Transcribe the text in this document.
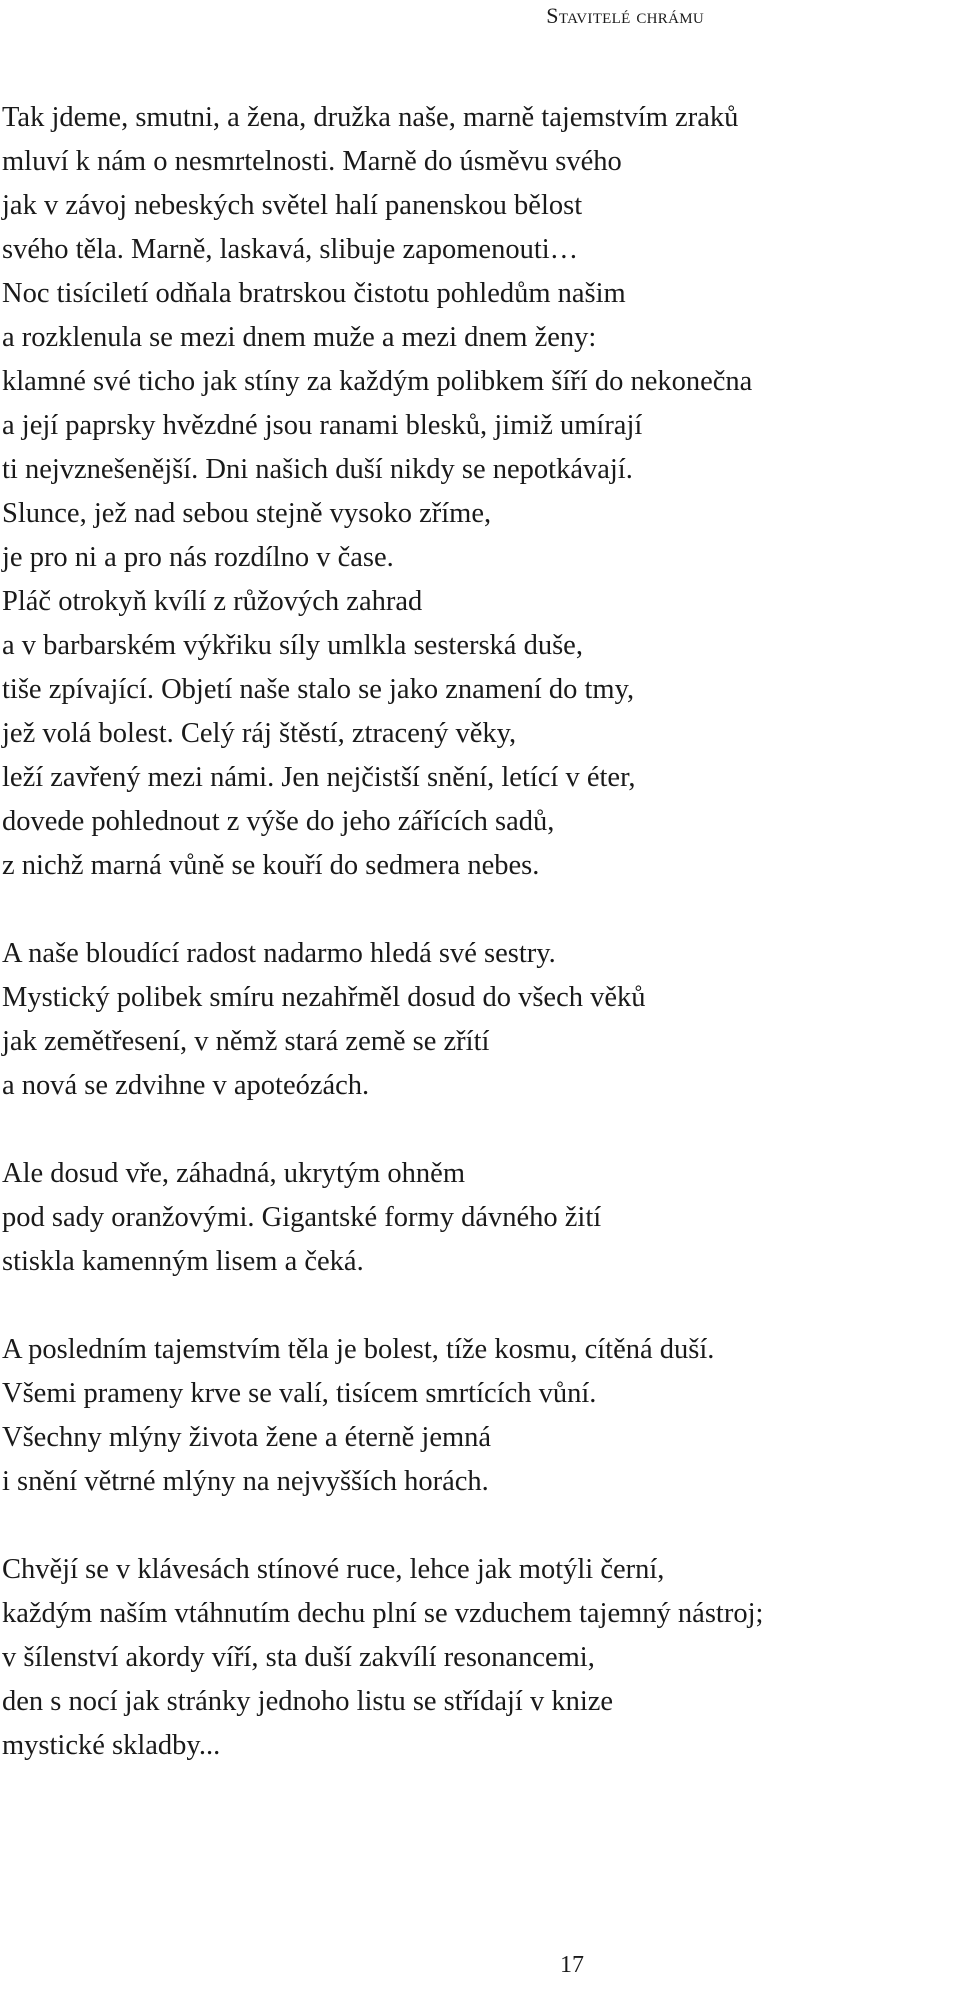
Stavitelé chrámu
Tak jdeme, smutni, a žena, družka naše, marně tajemstvím zraků
mluví k nám o nesmrtelnosti. Marně do úsměvu svého
jak v závoj nebeských světel halí panenskou bělost
svého těla. Marně, laskavá, slibuje zapomenouti…
Noc tisíciletí odňala bratrskou čistotu pohledům našim
a rozklenula se mezi dnem muže a mezi dnem ženy:
klamné své ticho jak stíny za každým polibkem šíří do nekonečna
a její paprsky hvězdné jsou ranami blesků, jimiž umírají
ti nejvznešenější. Dni našich duší nikdy se nepotkávají.
Slunce, jež nad sebou stejně vysoko zříme,
je pro ni a pro nás rozdílno v čase.
Pláč otrokyň kvílí z růžových zahrad
a v barbarském výkřiku síly umlkla sesterská duše,
tiše zpívající. Objetí naše stalo se jako znamení do tmy,
jež volá bolest. Celý ráj štěstí, ztracený věky,
leží zavřený mezi námi. Jen nejčistší snění, letící v éter,
dovede pohlednout z výše do jeho zářících sadů,
z nichž marná vůně se kouří do sedmera nebes.
A naše bloudící radost nadarmo hledá své sestry.
Mystický polibek smíru nezahřměl dosud do všech věků
jak zemětřesení, v němž stará země se zřítí
a nová se zdvihne v apoteózách.
Ale dosud vře, záhadná, ukrytým ohněm
pod sady oranžovými. Gigantské formy dávného žití
stiskla kamenným lisem a čeká.
A posledním tajemstvím těla je bolest, tíže kosmu, cítěná duší.
Všemi prameny krve se valí, tisícem smrtících vůní.
Všechny mlýny života žene a éterně jemná
i snění větrné mlýny na nejvyšších horách.
Chvějí se v klávesách stínové ruce, lehce jak motýli černí,
každým naším vtáhnutím dechu plní se vzduchem tajemný nástroj;
v šílenství akordy víří, sta duší zakvílí resonancemi,
den s nocí jak stránky jednoho listu se střídají v knize
mystické skladby...
17
